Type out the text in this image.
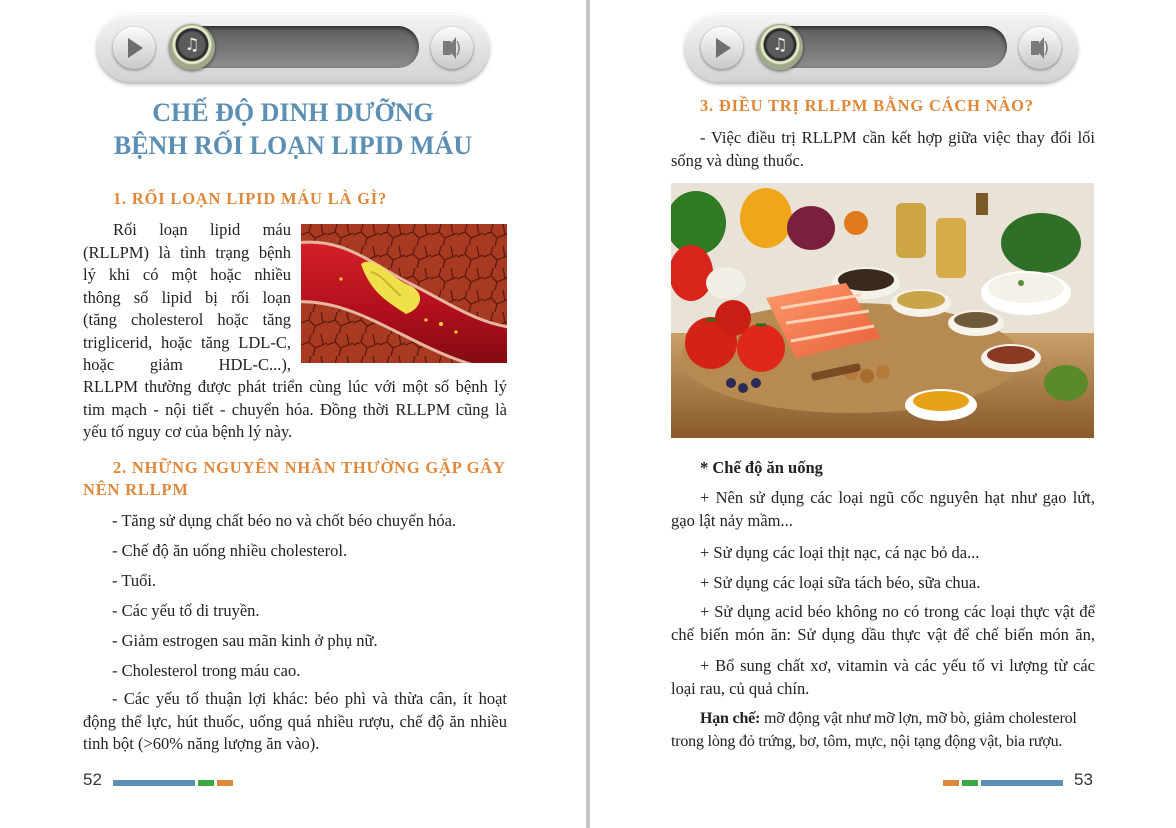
♫	)
CHẾ ĐỘ DINH DƯỠNG
BỆNH RỐI LOẠN LIPID MÁU
1. RỐI LOẠN LIPID MÁU LÀ GÌ?
Rối loạn lipid máu
(RLLPM) là tình trạng bệnh
lý khi có một hoặc nhiều
thông số lipid bị rối loạn
(tăng cholesterol hoặc tăng
triglicerid, hoặc tăng LDL-C,
hoặc giảm HDL-C...),
RLLPM thường được phát triển cùng lúc với một số bệnh lý
tim mạch - nội tiết - chuyển hóa. Đồng thời RLLPM cũng là
yếu tố nguy cơ của bệnh lý này.
2. NHỮNG NGUYÊN NHÂN THƯỜNG GẶP GÂY
NÊN RLLPM
- Tăng sử dụng chất béo no và chốt béo chuyển hóa.
- Chế độ ăn uống nhiều cholesterol.
- Tuổi.
- Các yếu tố di truyền.
- Giảm estrogen sau mãn kinh ở phụ nữ.
- Cholesterol trong máu cao.
- Các yếu tố thuận lợi khác: béo phì và thừa cân, ít hoạt
động thể lực, hút thuốc, uống quá nhiều rượu, chế độ ăn nhiều
tinh bột (>60% năng lượng ăn vào).
52
♫	)
3. ĐIỀU TRỊ RLLPM BẰNG CÁCH NÀO?
- Việc điều trị RLLPM cần kết hợp giữa việc thay đổi lối
sống và dùng thuốc.
* Chế độ ăn uống
+ Nên sử dụng các loại ngũ cốc nguyên hạt như gạo lứt,
gạo lật nảy mầm...
+ Sử dụng các loại thịt nạc, cá nạc bỏ da...
+ Sử dụng các loại sữa tách béo, sữa chua.
+ Sử dụng acid béo không no có trong các loại thực vật để
chế biến món ăn: Sử dụng dầu thực vật để chế biến món ăn,
+ Bổ sung chất xơ, vitamin và các yếu tố vi lượng từ các
loại rau, củ quả chín.
Hạn chế: mỡ động vật như mỡ lợn, mỡ bò, giảm cholesterol
trong lòng đỏ trứng, bơ, tôm, mực, nội tạng động vật, bia rượu.
53
